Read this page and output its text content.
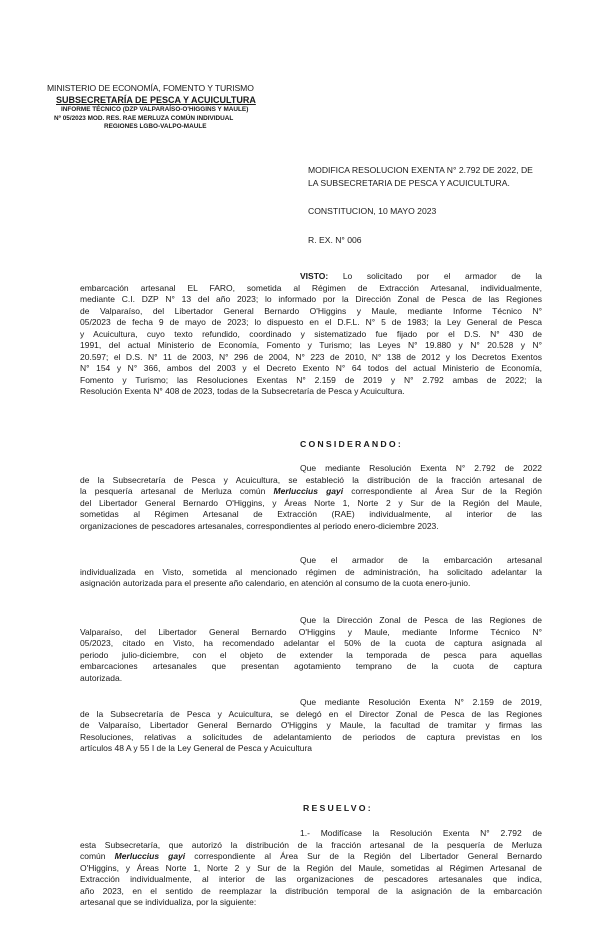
MINISTERIO DE ECONOMÍA, FOMENTO Y TURISMO
SUBSECRETARÍA DE PESCA Y ACUICULTURA
INFORME TÉCNICO (DZP VALPARAÍSO-O'HIGGINS Y MAULE)
Nº 05/2023 MOD. RES. RAE MERLUZA COMÚN INDIVIDUAL
REGIONES LGBO-VALPO-MAULE
MODIFICA RESOLUCION EXENTA N° 2.792 DE 2022, DE
LA SUBSECRETARIA DE PESCA Y ACUICULTURA.
CONSTITUCION, 10 MAYO 2023
R. EX. N° 006
VISTO: Lo solicitado por el armador de la
embarcación artesanal EL FARO, sometida al Régimen de Extracción Artesanal, individualmente,
mediante C.I. DZP N° 13 del año 2023; lo informado por la Dirección Zonal de Pesca de las Regiones
de Valparaíso, del Libertador General Bernardo O'Higgins y Maule, mediante Informe Técnico N°
05/2023 de fecha 9 de mayo de 2023; lo dispuesto en el D.F.L. N° 5 de 1983; la Ley General de Pesca
y Acuicultura, cuyo texto refundido, coordinado y sistematizado fue fijado por el D.S. N° 430 de
1991, del actual Ministerio de Economía, Fomento y Turismo; las Leyes N° 19.880 y N° 20.528 y N°
20.597; el D.S. N° 11 de 2003, N° 296 de 2004, N° 223 de 2010, N° 138 de 2012 y los Decretos Exentos
N° 154 y N° 366, ambos del 2003 y el Decreto Exento N° 64 todos del actual Ministerio de Economía,
Fomento y Turismo; las Resoluciones Exentas N° 2.159 de 2019 y N° 2.792 ambas de 2022; la
Resolución Exenta N° 408 de 2023, todas de la Subsecretaría de Pesca y Acuicultura.
CONSIDERANDO:
Que mediante Resolución Exenta N° 2.792 de 2022
de la Subsecretaría de Pesca y Acuicultura, se estableció la distribución de la fracción artesanal de
la pesquería artesanal de Merluza común Merluccius gayi correspondiente al Área Sur de la Región
del Libertador General Bernardo O'Higgins, y Áreas Norte 1, Norte 2 y Sur de la Región del Maule,
sometidas al Régimen Artesanal de Extracción (RAE) individualmente, al interior de las
organizaciones de pescadores artesanales, correspondientes al periodo enero-diciembre 2023.
Que el armador de la embarcación artesanal
individualizada en Visto, sometida al mencionado régimen de administración, ha solicitado adelantar la
asignación autorizada para el presente año calendario, en atención al consumo de la cuota enero-junio.
Que la Dirección Zonal de Pesca de las Regiones de
Valparaíso, del Libertador General Bernardo O'Higgins y Maule, mediante Informe Técnico N°
05/2023, citado en Visto, ha recomendado adelantar el 50% de la cuota de captura asignada al
periodo julio-diciembre, con el objeto de extender la temporada de pesca para aquellas
embarcaciones artesanales que presentan agotamiento temprano de la cuota de captura
autorizada.
Que mediante Resolución Exenta N° 2.159 de 2019,
de la Subsecretaría de Pesca y Acuicultura, se delegó en el Director Zonal de Pesca de las Regiones
de Valparaíso, Libertador General Bernardo O'Higgins y Maule, la facultad de tramitar y firmas las
Resoluciones, relativas a solicitudes de adelantamiento de periodos de captura previstas en los
artículos 48 A y 55 I de la Ley General de Pesca y Acuicultura
RESUELVO:
1.- Modifícase la Resolución Exenta N° 2.792 de
esta Subsecretaría, que autorizó la distribución de la fracción artesanal de la pesquería de Merluza
común Merluccius gayi correspondiente al Área Sur de la Región del Libertador General Bernardo
O'Higgins, y Áreas Norte 1, Norte 2 y Sur de la Región del Maule, sometidas al Régimen Artesanal de
Extracción individualmente, al interior de las organizaciones de pescadores artesanales que indica,
año 2023, en el sentido de reemplazar la distribución temporal de la asignación de la embarcación
artesanal que se individualiza, por la siguiente:
